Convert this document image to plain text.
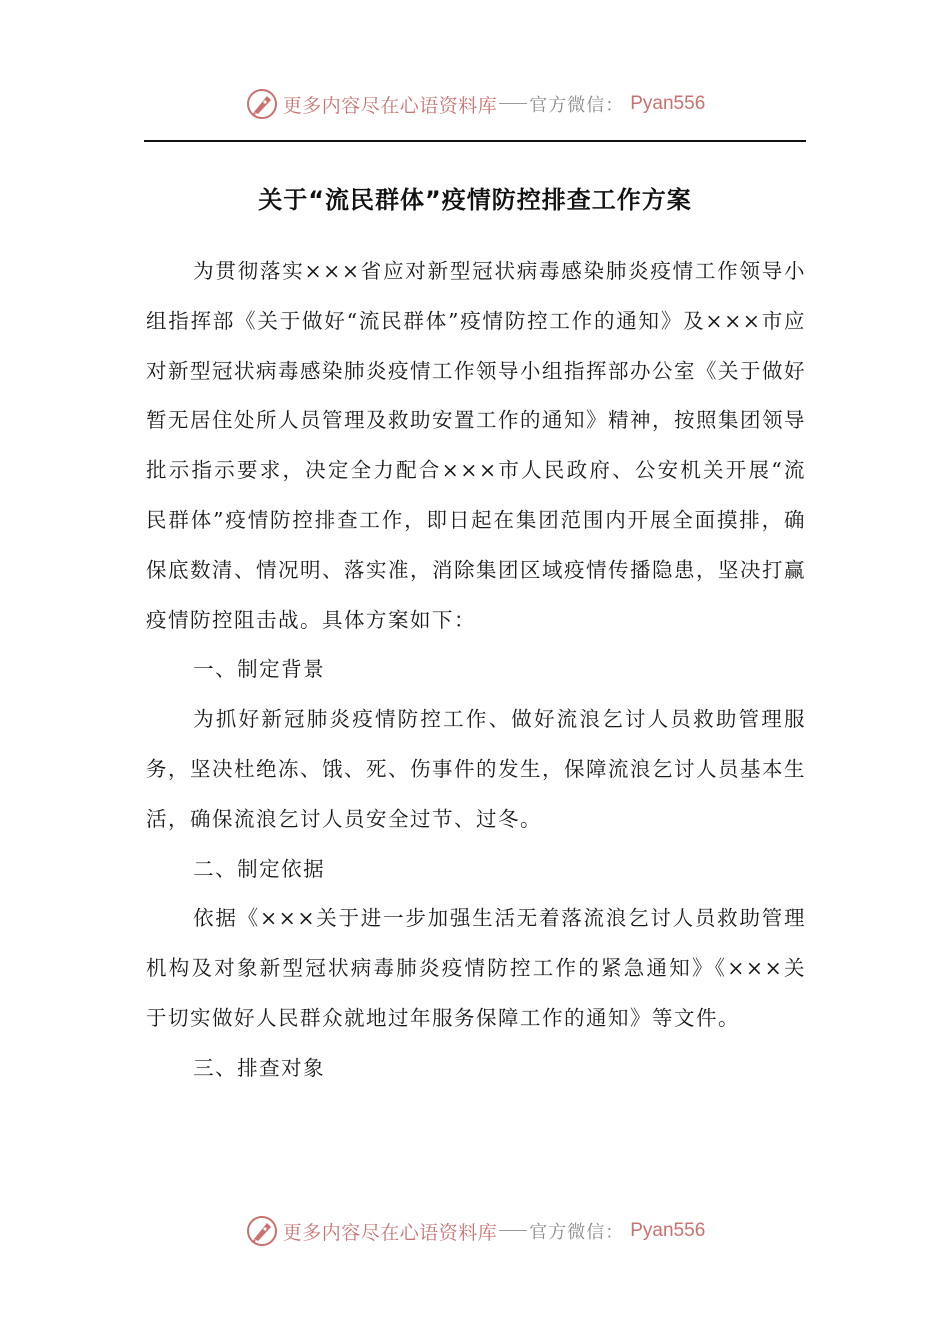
更多内容尽在心语资料库 官方微信： Pyan556
关于“流民群体”疫情防控排查工作方案

为贯彻落实×××省应对新型冠状病毒感染肺炎疫情工作领导小组指挥部《关于做好“流民群体”疫情防控工作的通知》及×××市应对新型冠状病毒感染肺炎疫情工作领导小组指挥部办公室《关于做好暂无居住处所人员管理及救助安置工作的通知》精神，按照集团领导批示指示要求，决定全力配合×××市人民政府、公安机关开展“流民群体”疫情防控排查工作，即日起在集团范围内开展全面摸排，确保底数清、情况明、落实准，消除集团区域疫情传播隐患，坚决打赢疫情防控阻击战。具体方案如下：

一、制定背景

为抓好新冠肺炎疫情防控工作、做好流浪乞讨人员救助管理服务，坚决杜绝冻、饿、死、伤事件的发生，保障流浪乞讨人员基本生活，确保流浪乞讨人员安全过节、过冬。

二、制定依据

依据《×××关于进一步加强生活无着落流浪乞讨人员救助管理机构及对象新型冠状病毒肺炎疫情防控工作的紧急通知》《×××关于切实做好人民群众就地过年服务保障工作的通知》等文件。

三、排查对象

更多内容尽在心语资料库 官方微信： Pyan556
